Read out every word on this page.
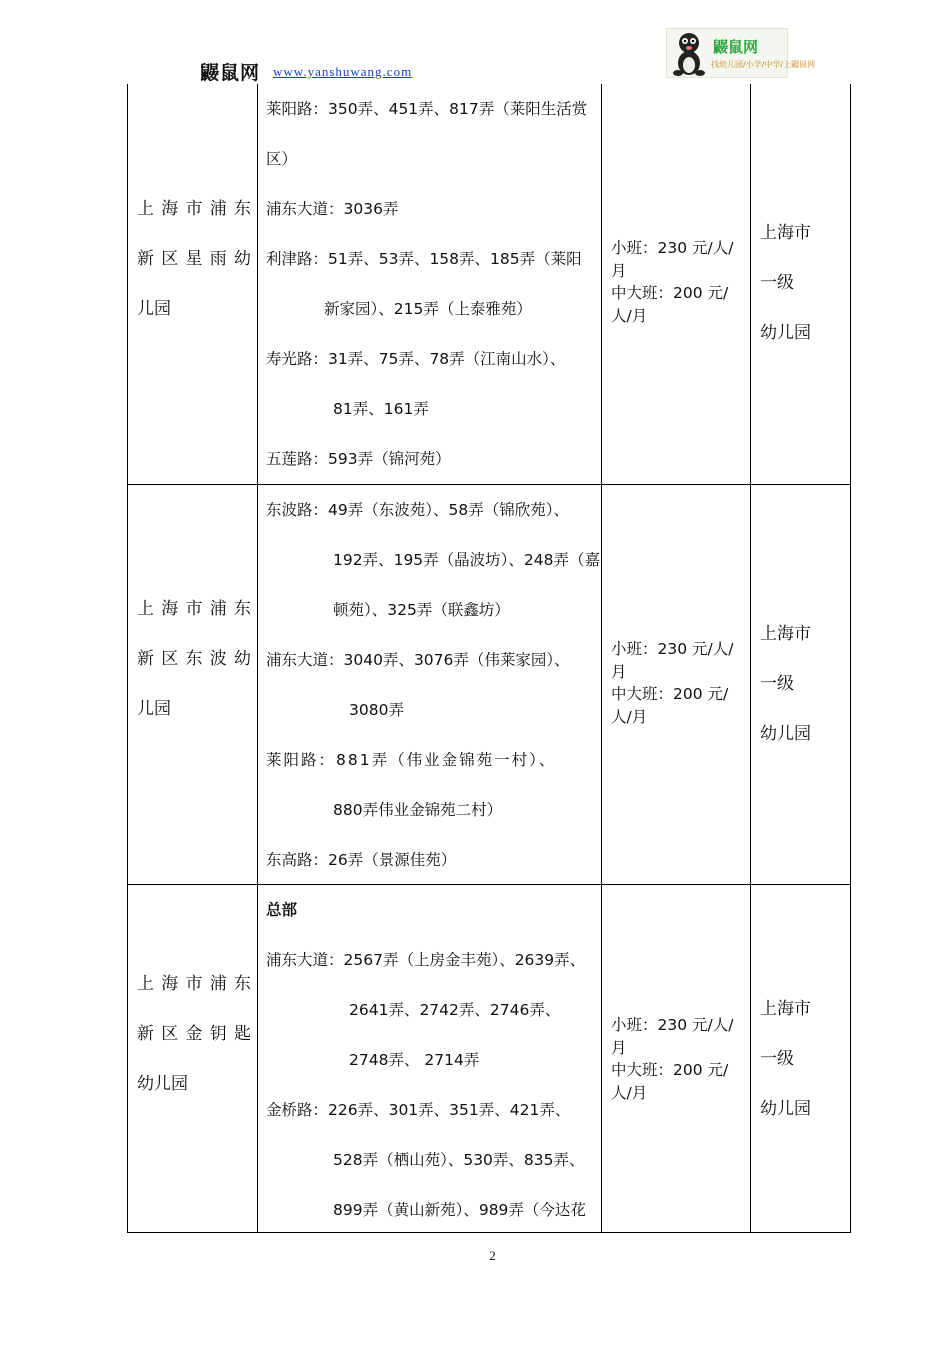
鼹鼠网 www.yanshuwang.com
鼹鼠网
找幼儿园/小学/中学/上鼹鼠网
上海市浦东
新区星雨幼
儿园
莱阳路：350弄、451弄、817弄（莱阳生活赏
区）
浦东大道：3036弄
利津路：51弄、53弄、158弄、185弄（莱阳
新家园）、215弄（上泰雅苑）
寿光路：31弄、75弄、78弄（江南山水）、
81弄、161弄
五莲路：593弄（锦河苑）
小班：230 元/人/
月
中大班：200 元/
人/月
上海市
一级
幼儿园
上海市浦东
新区东波幼
儿园
东波路：49弄（东波苑）、58弄（锦欣苑）、
192弄、195弄（晶波坊）、248弄（嘉
顿苑）、325弄（联鑫坊）
浦东大道：3040弄、3076弄（伟莱家园）、
3080弄
莱阳路：881弄（伟业金锦苑一村）、
880弄伟业金锦苑二村）
东高路：26弄（景源佳苑）
小班：230 元/人/
月
中大班：200 元/
人/月
上海市
一级
幼儿园
上海市浦东
新区金钥匙
幼儿园
总部
浦东大道：2567弄（上房金丰苑）、2639弄、
2641弄、2742弄、2746弄、
2748弄、 2714弄
金桥路：226弄、301弄、351弄、421弄、
528弄（栖山苑）、530弄、835弄、
899弄（黄山新苑）、989弄（今达花
小班：230 元/人/
月
中大班：200 元/
人/月
上海市
一级
幼儿园
2
